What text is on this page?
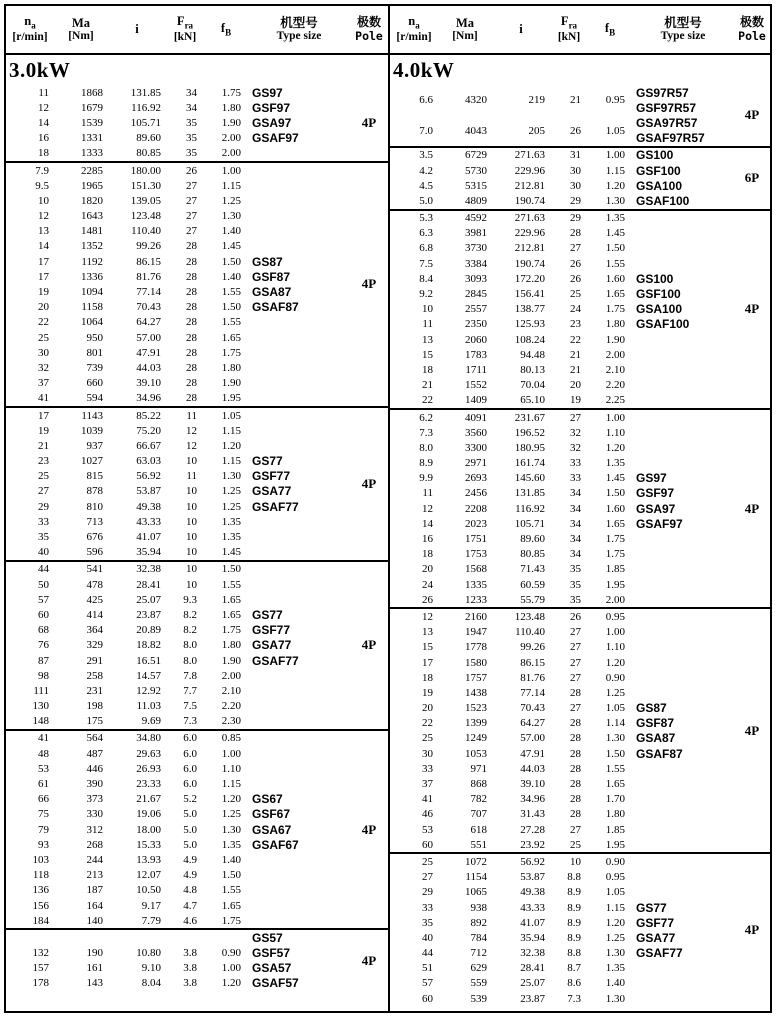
$n_a$
[r/min]
Ma
[Nm]	i
$F_{ra}$
[kN]
$f_B$
机型号
Type size
极数
Pole
3.0kW
11	1868	131.85	34	1.75
12	1679	116.92	34	1.80
14	1539	105.71	35	1.90
16	1331	89.60	35	2.00
18	1333	80.85	35	2.00
GS97
GSF97
GSA97
GSAF97
4P
7.9	2285	180.00	26	1.00
9.5	1965	151.30	27	1.15
10	1820	139.05	27	1.25
12	1643	123.48	27	1.30
13	1481	110.40	27	1.40
14	1352	99.26	28	1.45
17	1192	86.15	28	1.50
17	1336	81.76	28	1.40
19	1094	77.14	28	1.55
20	1158	70.43	28	1.50
22	1064	64.27	28	1.55
25	950	57.00	28	1.65
30	801	47.91	28	1.75
32	739	44.03	28	1.80
37	660	39.10	28	1.90
41	594	34.96	28	1.95
GS87
GSF87
GSA87
GSAF87
4P
17	1143	85.22	11	1.05
19	1039	75.20	12	1.15
21	937	66.67	12	1.20
23	1027	63.03	10	1.15
25	815	56.92	11	1.30
27	878	53.87	10	1.25
29	810	49.38	10	1.25
33	713	43.33	10	1.35
35	676	41.07	10	1.35
40	596	35.94	10	1.45
GS77
GSF77
GSA77
GSAF77
4P
44	541	32.38	10	1.50
50	478	28.41	10	1.55
57	425	25.07	9.3	1.65
60	414	23.87	8.2	1.65
68	364	20.89	8.2	1.75
76	329	18.82	8.0	1.80
87	291	16.51	8.0	1.90
98	258	14.57	7.8	2.00
111	231	12.92	7.7	2.10
130	198	11.03	7.5	2.20
148	175	9.69	7.3	2.30
GS77
GSF77
GSA77
GSAF77
4P
41	564	34.80	6.0	0.85
48	487	29.63	6.0	1.00
53	446	26.93	6.0	1.10
61	390	23.33	6.0	1.15
66	373	21.67	5.2	1.20
75	330	19.06	5.0	1.25
79	312	18.00	5.0	1.30
93	268	15.33	5.0	1.35
103	244	13.93	4.9	1.40
118	213	12.07	4.9	1.50
136	187	10.50	4.8	1.55
156	164	9.17	4.7	1.65
184	140	7.79	4.6	1.75
GS67
GSF67
GSA67
GSAF67
4P
132	190	10.80	3.8	0.90
157	161	9.10	3.8	1.00
178	143	8.04	3.8	1.20
GS57
GSF57
GSA57
GSAF57
4P
$n_a$
[r/min]
Ma
[Nm]	i
$F_{ra}$
[kN]
$f_B$
机型号
Type size
极数
Pole
4.0kW
6.6	4320	219	21	0.95
7.0	4043	205	26	1.05
GS97R57
GSF97R57
GSA97R57
GSAF97R57
4P
3.5	6729	271.63	31	1.00
4.2	5730	229.96	30	1.15
4.5	5315	212.81	30	1.20
5.0	4809	190.74	29	1.30
GS100
GSF100
GSA100
GSAF100
6P
5.3	4592	271.63	29	1.35
6.3	3981	229.96	28	1.45
6.8	3730	212.81	27	1.50
7.5	3384	190.74	26	1.55
8.4	3093	172.20	26	1.60
9.2	2845	156.41	25	1.65
10	2557	138.77	24	1.75
11	2350	125.93	23	1.80
13	2060	108.24	22	1.90
15	1783	94.48	21	2.00
18	1711	80.13	21	2.10
21	1552	70.04	20	2.20
22	1409	65.10	19	2.25
GS100
GSF100
GSA100
GSAF100
4P
6.2	4091	231.67	27	1.00
7.3	3560	196.52	32	1.10
8.0	3300	180.95	32	1.20
8.9	2971	161.74	33	1.35
9.9	2693	145.60	33	1.45
11	2456	131.85	34	1.50
12	2208	116.92	34	1.60
14	2023	105.71	34	1.65
16	1751	89.60	34	1.75
18	1753	80.85	34	1.75
20	1568	71.43	35	1.85
24	1335	60.59	35	1.95
26	1233	55.79	35	2.00
GS97
GSF97
GSA97
GSAF97
4P
12	2160	123.48	26	0.95
13	1947	110.40	27	1.00
15	1778	99.26	27	1.10
17	1580	86.15	27	1.20
18	1757	81.76	27	0.90
19	1438	77.14	28	1.25
20	1523	70.43	27	1.05
22	1399	64.27	28	1.14
25	1249	57.00	28	1.30
30	1053	47.91	28	1.50
33	971	44.03	28	1.55
37	868	39.10	28	1.65
41	782	34.96	28	1.70
46	707	31.43	28	1.80
53	618	27.28	27	1.85
60	551	23.92	25	1.95
GS87
GSF87
GSA87
GSAF87
4P
25	1072	56.92	10	0.90
27	1154	53.87	8.8	0.95
29	1065	49.38	8.9	1.05
33	938	43.33	8.9	1.15
35	892	41.07	8.9	1.20
40	784	35.94	8.9	1.25
44	712	32.38	8.8	1.30
51	629	28.41	8.7	1.35
57	559	25.07	8.6	1.40
60	539	23.87	7.3	1.30
GS77
GSF77
GSA77
GSAF77
4P
